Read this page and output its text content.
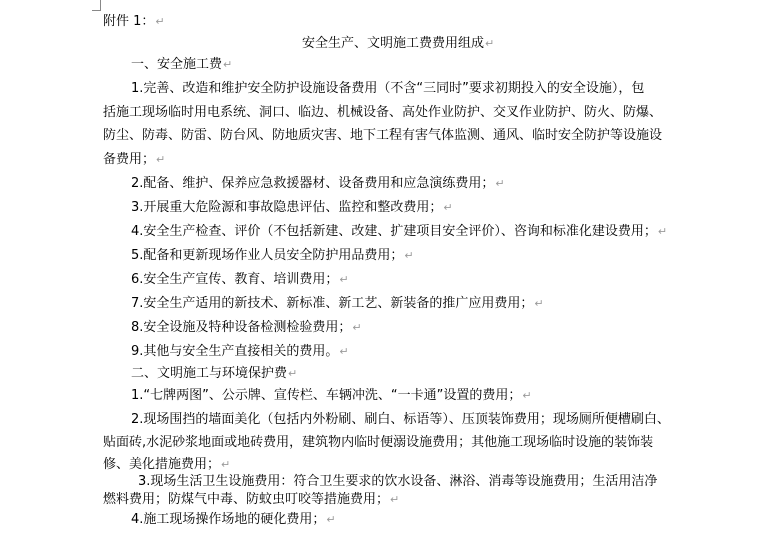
附件 1：↵
安全生产、文明施工费费用组成↵
一、安全施工费↵
1.完善、改造和维护安全防护设施设备费用（不含“三同时”要求初期投入的安全设施），包
括施工现场临时用电系统、洞口、临边、机械设备、高处作业防护、交叉作业防护、防火、防爆、
防尘、防毒、防雷、防台风、防地质灾害、地下工程有害气体监测、通风、临时安全防护等设施设
备费用；↵
2.配备、维护、保养应急救援器材、设备费用和应急演练费用；↵
3.开展重大危险源和事故隐患评估、监控和整改费用；↵
4.安全生产检查、评价（不包括新建、改建、扩建项目安全评价）、咨询和标准化建设费用；↵
5.配备和更新现场作业人员安全防护用品费用；↵
6.安全生产宣传、教育、培训费用；↵
7.安全生产适用的新技术、新标准、新工艺、新装备的推广应用费用；↵
8.安全设施及特种设备检测检验费用；↵
9.其他与安全生产直接相关的费用。↵
二、文明施工与环境保护费↵
1.“七牌两图”、公示牌、宣传栏、车辆冲洗、“一卡通”设置的费用；↵
2.现场围挡的墙面美化（包括内外粉刷、刷白、标语等）、压顶装饰费用；现场厕所便槽刷白、
贴面砖,水泥砂浆地面或地砖费用，建筑物内临时便溺设施费用；其他施工现场临时设施的装饰装
修、美化措施费用；↵
3.现场生活卫生设施费用：符合卫生要求的饮水设备、淋浴、消毒等设施费用；生活用洁净
燃料费用；防煤气中毒、防蚊虫叮咬等措施费用；↵
4.施工现场操作场地的硬化费用；↵
